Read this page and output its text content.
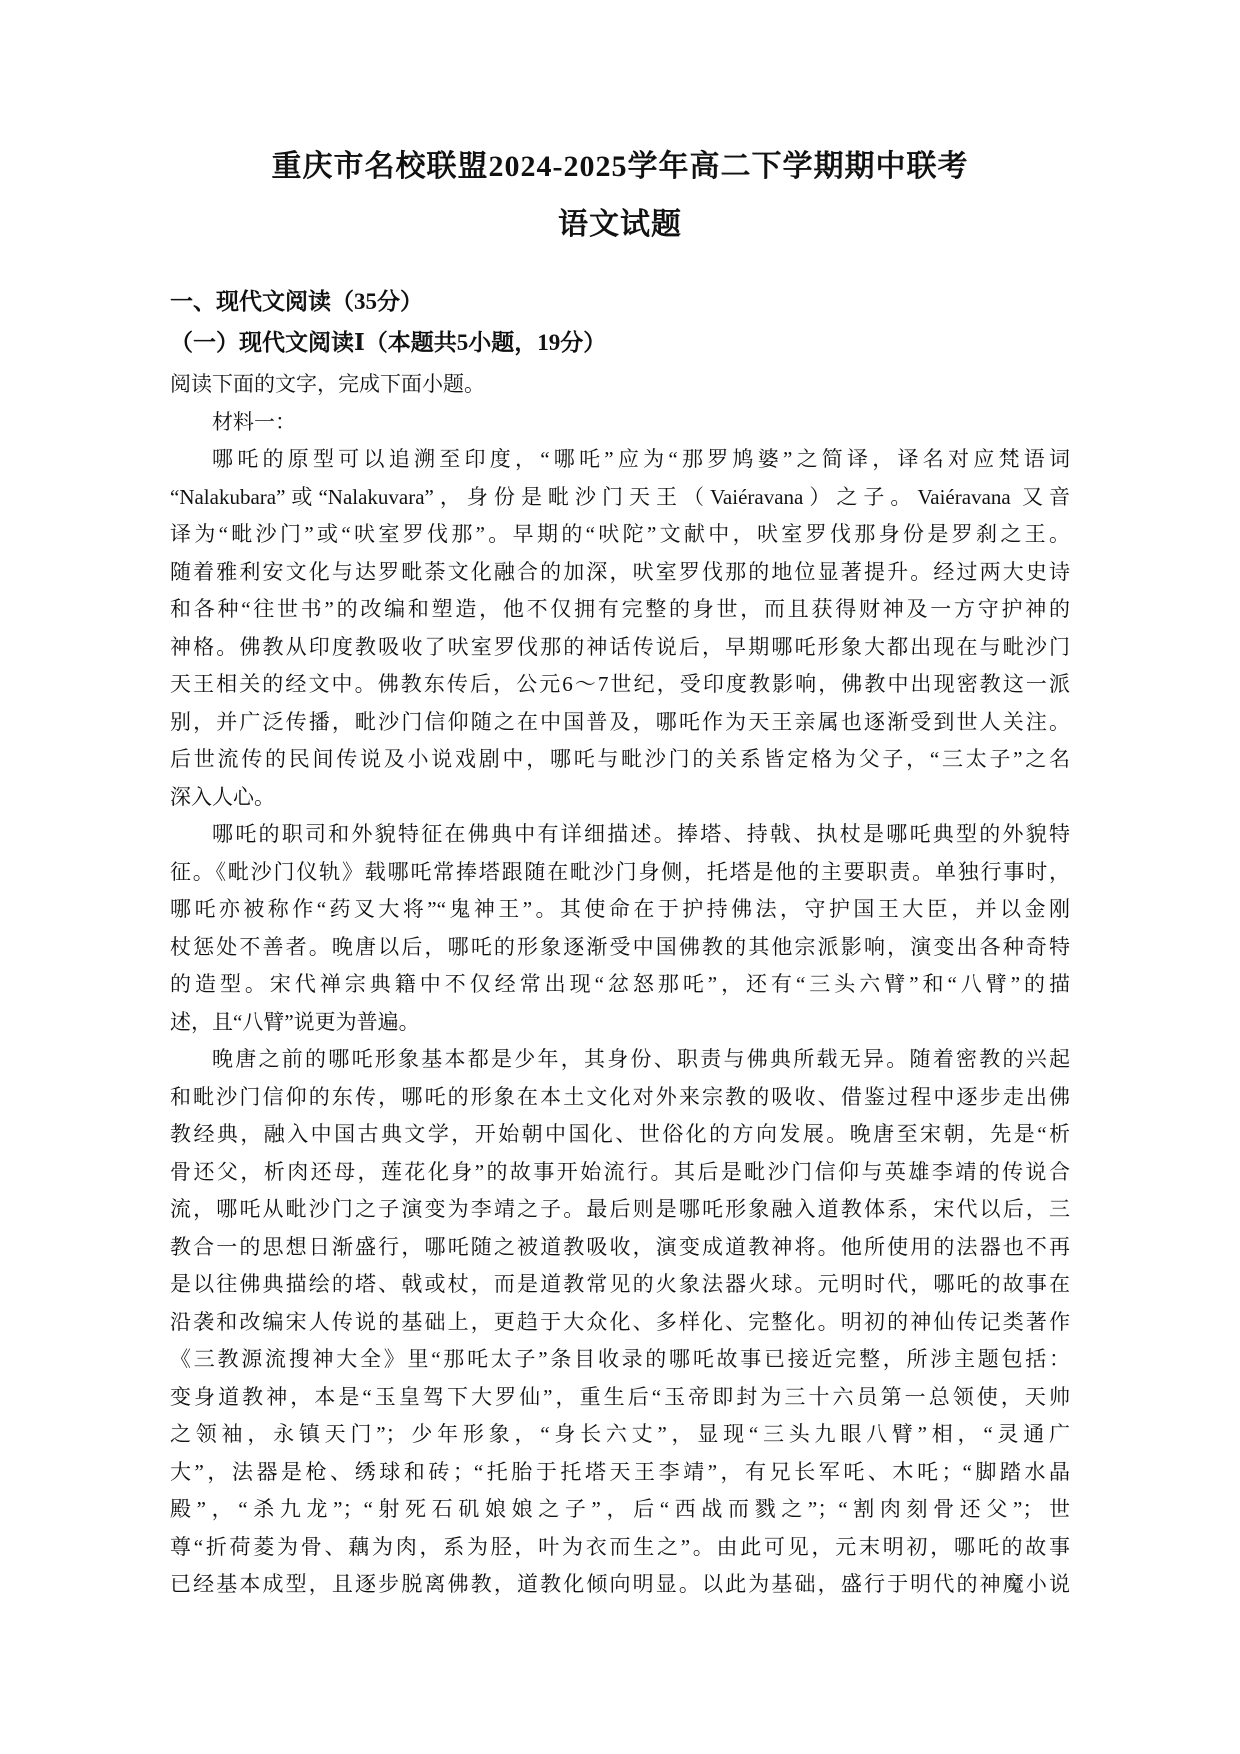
重庆市名校联盟2024-2025学年高二下学期期中联考
语文试题
一、现代文阅读（35分）
（一）现代文阅读Ⅰ（本题共5小题，19分）
阅读下面的文字，完成下面小题。
材料一：
哪吒的原型可以追溯至印度，“哪吒”应为“那罗鸠婆”之简译，译名对应梵语词
“Nalakubara”或“Nalakuvara”，身份是毗沙门天王（Vaiéravana）之子。Vaiéravana 又音
译为“毗沙门”或“吠室罗伐那”。早期的“吠陀”文献中，吠室罗伐那身份是罗刹之王。
随着雅利安文化与达罗毗荼文化融合的加深，吠室罗伐那的地位显著提升。经过两大史诗
和各种“往世书”的改编和塑造，他不仅拥有完整的身世，而且获得财神及一方守护神的
神格。佛教从印度教吸收了吠室罗伐那的神话传说后，早期哪吒形象大都出现在与毗沙门
天王相关的经文中。佛教东传后，公元6～7世纪，受印度教影响，佛教中出现密教这一派
别，并广泛传播，毗沙门信仰随之在中国普及，哪吒作为天王亲属也逐渐受到世人关注。
后世流传的民间传说及小说戏剧中，哪吒与毗沙门的关系皆定格为父子，“三太子”之名
深入人心。
哪吒的职司和外貌特征在佛典中有详细描述。捧塔、持戟、执杖是哪吒典型的外貌特
征。《毗沙门仪轨》载哪吒常捧塔跟随在毗沙门身侧，托塔是他的主要职责。单独行事时，
哪吒亦被称作“药叉大将”“鬼神王”。其使命在于护持佛法，守护国王大臣，并以金刚
杖惩处不善者。晚唐以后，哪吒的形象逐渐受中国佛教的其他宗派影响，演变出各种奇特
的造型。宋代禅宗典籍中不仅经常出现“忿怒那吒”，还有“三头六臂”和“八臂”的描
述，且“八臂”说更为普遍。
晚唐之前的哪吒形象基本都是少年，其身份、职责与佛典所载无异。随着密教的兴起
和毗沙门信仰的东传，哪吒的形象在本土文化对外来宗教的吸收、借鉴过程中逐步走出佛
教经典，融入中国古典文学，开始朝中国化、世俗化的方向发展。晚唐至宋朝，先是“析
骨还父，析肉还母，莲花化身”的故事开始流行。其后是毗沙门信仰与英雄李靖的传说合
流，哪吒从毗沙门之子演变为李靖之子。最后则是哪吒形象融入道教体系，宋代以后，三
教合一的思想日渐盛行，哪吒随之被道教吸收，演变成道教神将。他所使用的法器也不再
是以往佛典描绘的塔、戟或杖，而是道教常见的火象法器火球。元明时代，哪吒的故事在
沿袭和改编宋人传说的基础上，更趋于大众化、多样化、完整化。明初的神仙传记类著作
《三教源流搜神大全》里“那吒太子”条目收录的哪吒故事已接近完整，所涉主题包括：
变身道教神，本是“玉皇驾下大罗仙”，重生后“玉帝即封为三十六员第一总领使，天帅
之领袖，永镇天门”；少年形象，“身长六丈”，显现“三头九眼八臂”相，“灵通广
大”，法器是枪、绣球和砖；“托胎于托塔天王李靖”，有兄长军吒、木吒；“脚踏水晶
殿”，“杀九龙”；“射死石矶娘娘之子”，后“西战而戮之”；“割肉刻骨还父”；世
尊“折荷菱为骨、藕为肉，系为胫，叶为衣而生之”。由此可见，元末明初，哪吒的故事
已经基本成型，且逐步脱离佛教，道教化倾向明显。以此为基础，盛行于明代的神魔小说
